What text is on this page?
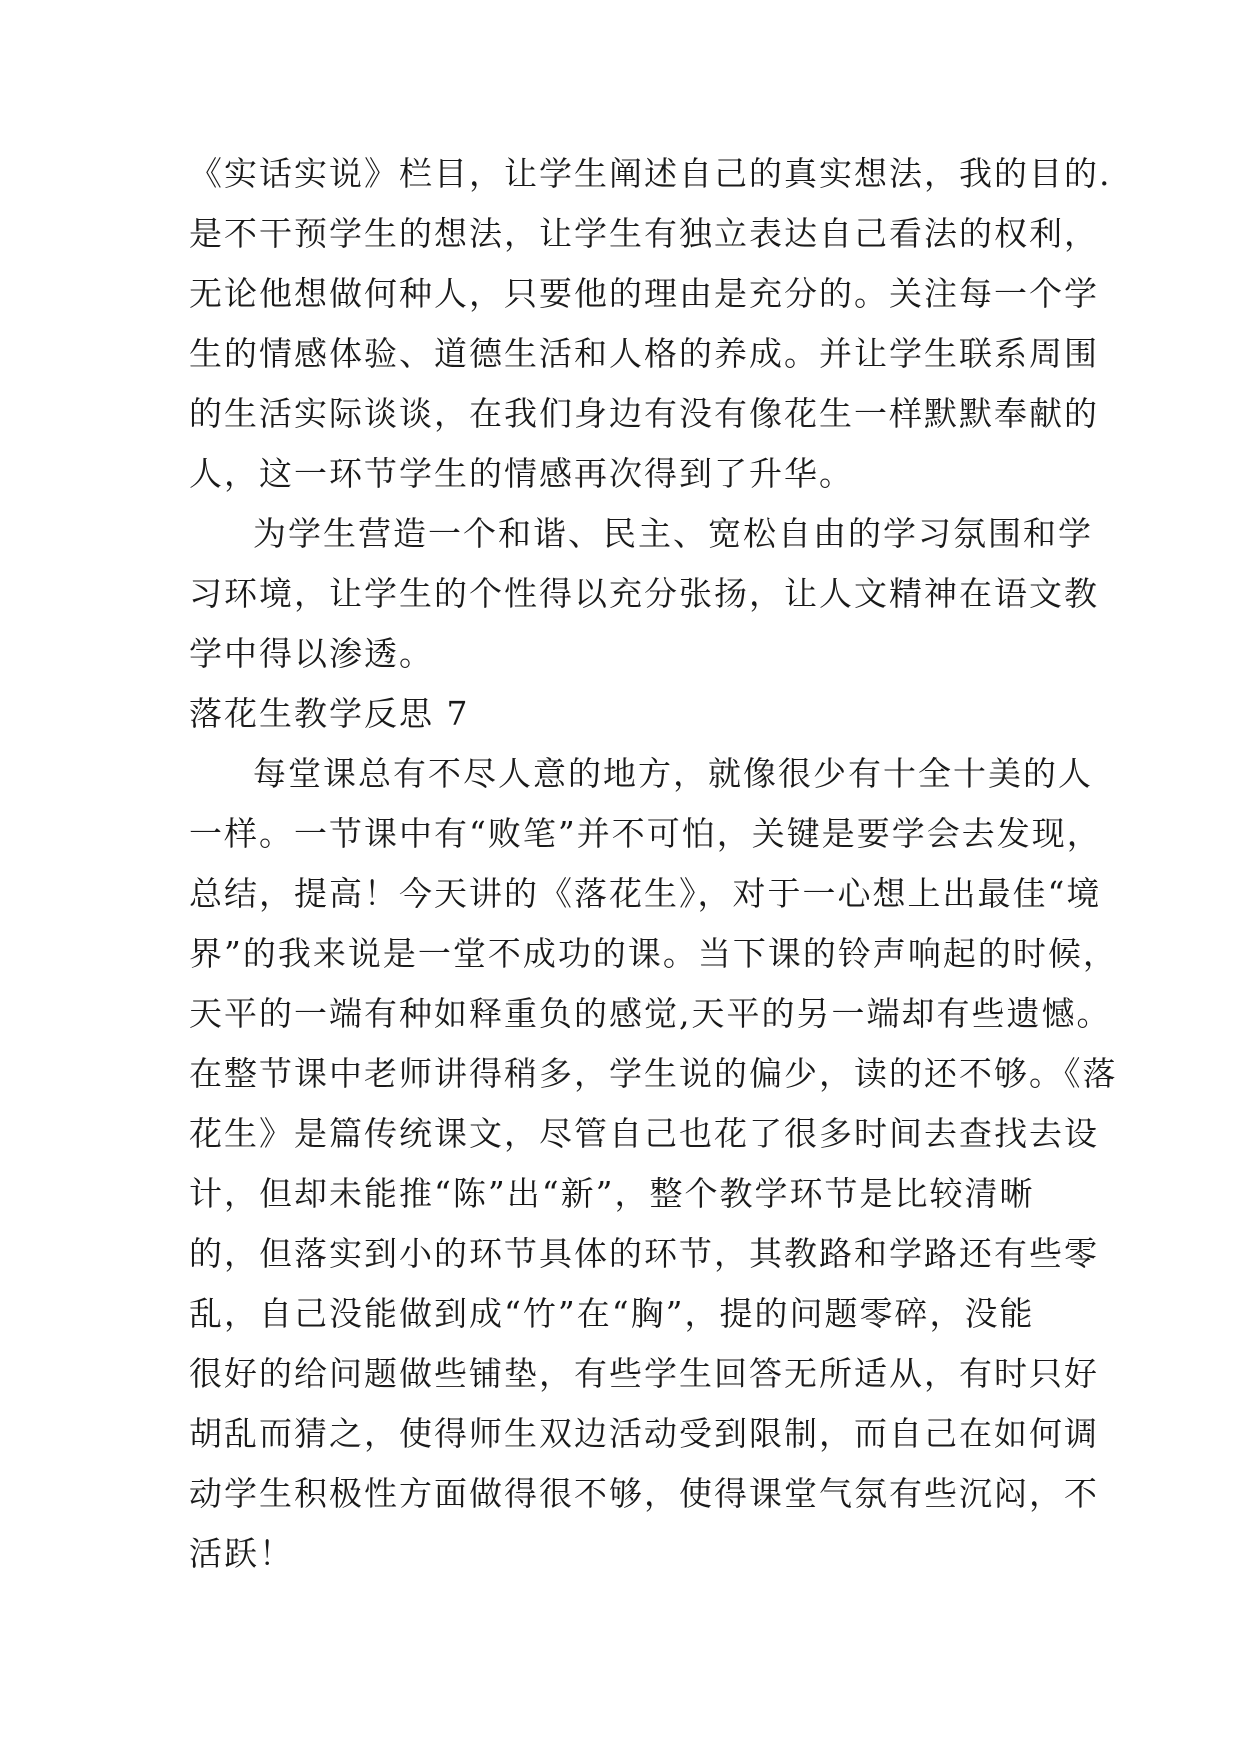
《实话实说》栏目，让学生阐述自己的真实想法，我的目的.
是不干预学生的想法，让学生有独立表达自己看法的权利，
无论他想做何种人，只要他的理由是充分的。关注每一个学
生的情感体验、道德生活和人格的养成。并让学生联系周围
的生活实际谈谈，在我们身边有没有像花生一样默默奉献的
人，这一环节学生的情感再次得到了升华。
为学生营造一个和谐、民主、宽松自由的学习氛围和学
习环境，让学生的个性得以充分张扬，让人文精神在语文教
学中得以渗透。
落花生教学反思 7
每堂课总有不尽人意的地方，就像很少有十全十美的人
一样。一节课中有“败笔”并不可怕，关键是要学会去发现，
总结，提高！今天讲的《落花生》，对于一心想上出最佳“境
界”的我来说是一堂不成功的课。当下课的铃声响起的时候，
天平的一端有种如释重负的感觉,天平的另一端却有些遗憾。
在整节课中老师讲得稍多，学生说的偏少，读的还不够。《落
花生》是篇传统课文，尽管自己也花了很多时间去查找去设
计，但却未能推“陈”出“新”，整个教学环节是比较清晰
的，但落实到小的环节具体的环节，其教路和学路还有些零
乱，自己没能做到成“竹”在“胸”，提的问题零碎，没能
很好的给问题做些铺垫，有些学生回答无所适从，有时只好
胡乱而猜之，使得师生双边活动受到限制，而自己在如何调
动学生积极性方面做得很不够，使得课堂气氛有些沉闷，不
活跃！
